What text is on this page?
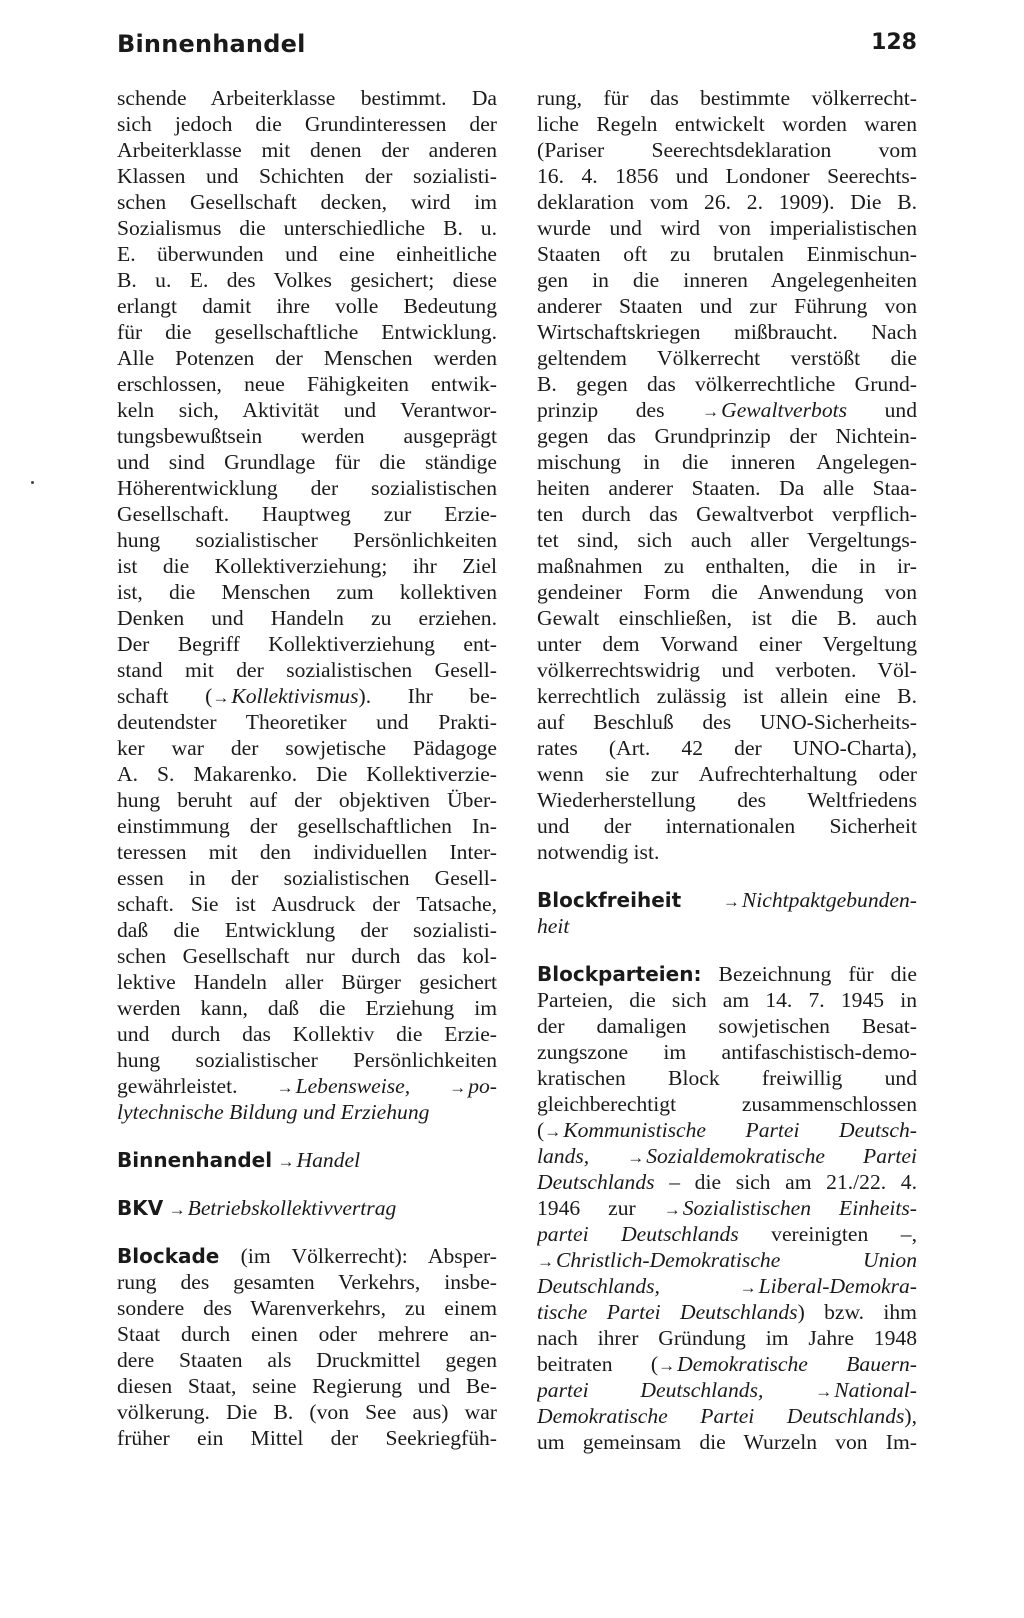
Binnenhandel	128
schende Arbeiterklasse bestimmt. Da
sich jedoch die Grundinteressen der
Arbeiterklasse mit denen der anderen
Klassen und Schichten der sozialisti-
schen Gesellschaft decken, wird im
Sozialismus die unterschiedliche B. u.
E. überwunden und eine einheitliche
B. u. E. des Volkes gesichert; diese
erlangt damit ihre volle Bedeutung
für die gesellschaftliche Entwicklung.
Alle Potenzen der Menschen werden
erschlossen, neue Fähigkeiten entwik-
keln sich, Aktivität und Verantwor-
tungsbewußtsein werden ausgeprägt
und sind Grundlage für die ständige
Höherentwicklung der sozialistischen
Gesellschaft. Hauptweg zur Erzie-
hung sozialistischer Persönlichkeiten
ist die Kollektiverziehung; ihr Ziel
ist, die Menschen zum kollektiven
Denken und Handeln zu erziehen.
Der Begriff Kollektiverziehung ent-
stand mit der sozialistischen Gesell-
schaft (→Kollektivismus). Ihr be-
deutendster Theoretiker und Prakti-
ker war der sowjetische Pädagoge
A. S. Makarenko. Die Kollektiverzie-
hung beruht auf der objektiven Über-
einstimmung der gesellschaftlichen In-
teressen mit den individuellen Inter-
essen in der sozialistischen Gesell-
schaft. Sie ist Ausdruck der Tatsache,
daß die Entwicklung der sozialisti-
schen Gesellschaft nur durch das kol-
lektive Handeln aller Bürger gesichert
werden kann, daß die Erziehung im
und durch das Kollektiv die Erzie-
hung sozialistischer Persönlichkeiten
gewährleistet. →Lebensweise, →po-
lytechnische Bildung und Erziehung
Binnenhandel →Handel
BKV →Betriebskollektivvertrag
Blockade (im Völkerrecht): Absper-
rung des gesamten Verkehrs, insbe-
sondere des Warenverkehrs, zu einem
Staat durch einen oder mehrere an-
dere Staaten als Druckmittel gegen
diesen Staat, seine Regierung und Be-
völkerung. Die B. (von See aus) war
früher ein Mittel der Seekriegfüh-
rung, für das bestimmte völkerrecht-
liche Regeln entwickelt worden waren
(Pariser Seerechtsdeklaration vom
16. 4. 1856 und Londoner Seerechts-
deklaration vom 26. 2. 1909). Die B.
wurde und wird von imperialistischen
Staaten oft zu brutalen Einmischun-
gen in die inneren Angelegenheiten
anderer Staaten und zur Führung von
Wirtschaftskriegen mißbraucht. Nach
geltendem Völkerrecht verstößt die
B. gegen das völkerrechtliche Grund-
prinzip des →Gewaltverbots und
gegen das Grundprinzip der Nichtein-
mischung in die inneren Angelegen-
heiten anderer Staaten. Da alle Staa-
ten durch das Gewaltverbot verpflich-
tet sind, sich auch aller Vergeltungs-
maßnahmen zu enthalten, die in ir-
gendeiner Form die Anwendung von
Gewalt einschließen, ist die B. auch
unter dem Vorwand einer Vergeltung
völkerrechtswidrig und verboten. Völ-
kerrechtlich zulässig ist allein eine B.
auf Beschluß des UNO-Sicherheits-
rates (Art. 42 der UNO-Charta),
wenn sie zur Aufrechterhaltung oder
Wiederherstellung des Weltfriedens
und der internationalen Sicherheit
notwendig ist.
Blockfreiheit →Nichtpaktgebunden-
heit
Blockparteien: Bezeichnung für die
Parteien, die sich am 14. 7. 1945 in
der damaligen sowjetischen Besat-
zungszone im antifaschistisch-demo-
kratischen Block freiwillig und
gleichberechtigt zusammenschlossen
(→Kommunistische Partei Deutsch-
lands, →Sozialdemokratische Partei
Deutschlands – die sich am 21./22. 4.
1946 zur →Sozialistischen Einheits-
partei Deutschlands vereinigten –,
→Christlich-Demokratische Union
Deutschlands,	→Liberal-Demokra-
tische Partei Deutschlands) bzw. ihm
nach ihrer Gründung im Jahre 1948
beitraten (→Demokratische Bauern-
partei Deutschlands,	→National-
Demokratische Partei Deutschlands),
um gemeinsam die Wurzeln von Im-
